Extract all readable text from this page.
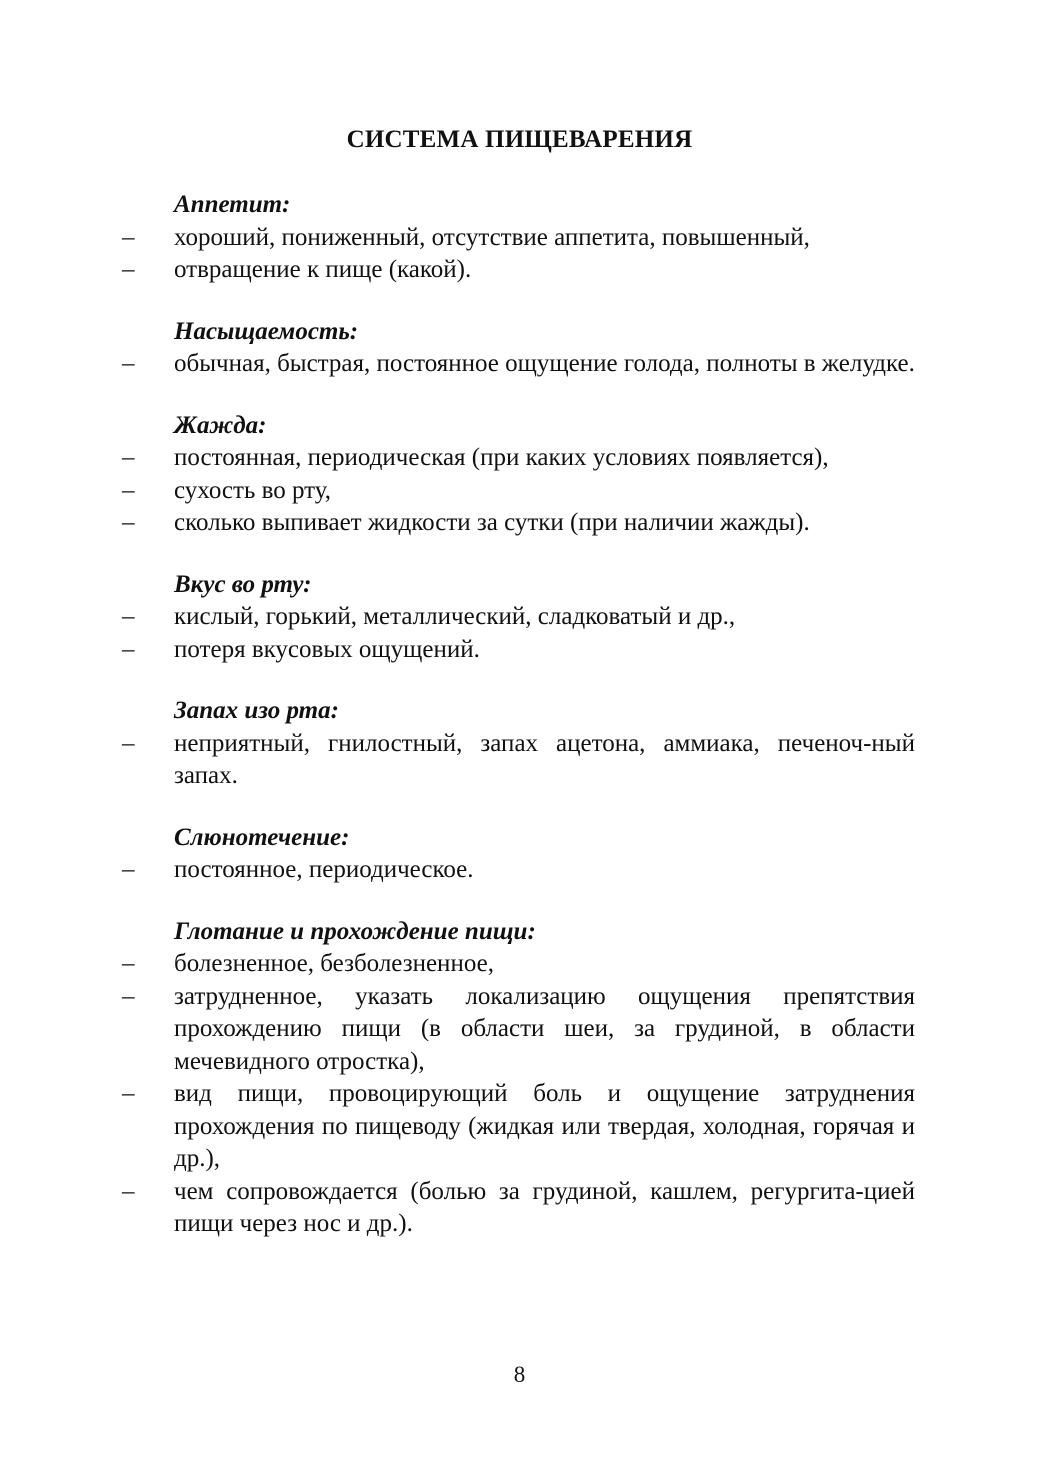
СИСТЕМА ПИЩЕВАРЕНИЯ
Аппетит:
–	хороший, пониженный, отсутствие аппетита, повышенный,
–	отвращение к пище (какой).
Насыщаемость:
–	обычная, быстрая, постоянное ощущение голода, полноты в желудке.
Жажда:
–	постоянная, периодическая (при каких условиях появляется),
–	сухость во рту,
–	сколько выпивает жидкости за сутки (при наличии жажды).
Вкус во рту:
–	кислый, горький, металлический, сладковатый и др.,
–	потеря вкусовых ощущений.
Запах изо рта:
–	неприятный, гнилостный, запах ацетона, аммиака, печеноч-ный запах.
Слюнотечение:
–	постоянное, периодическое.
Глотание и прохождение пищи:
–	болезненное, безболезненное,
–	затрудненное, указать локализацию ощущения препятствия прохождению пищи (в области шеи, за грудиной, в области мечевидного отростка),
–	вид пищи, провоцирующий боль и ощущение затруднения прохождения по пищеводу (жидкая или твердая, холодная, горячая и др.),
–	чем сопровождается (болью за грудиной, кашлем, регургита-цией пищи через нос и др.).
8
